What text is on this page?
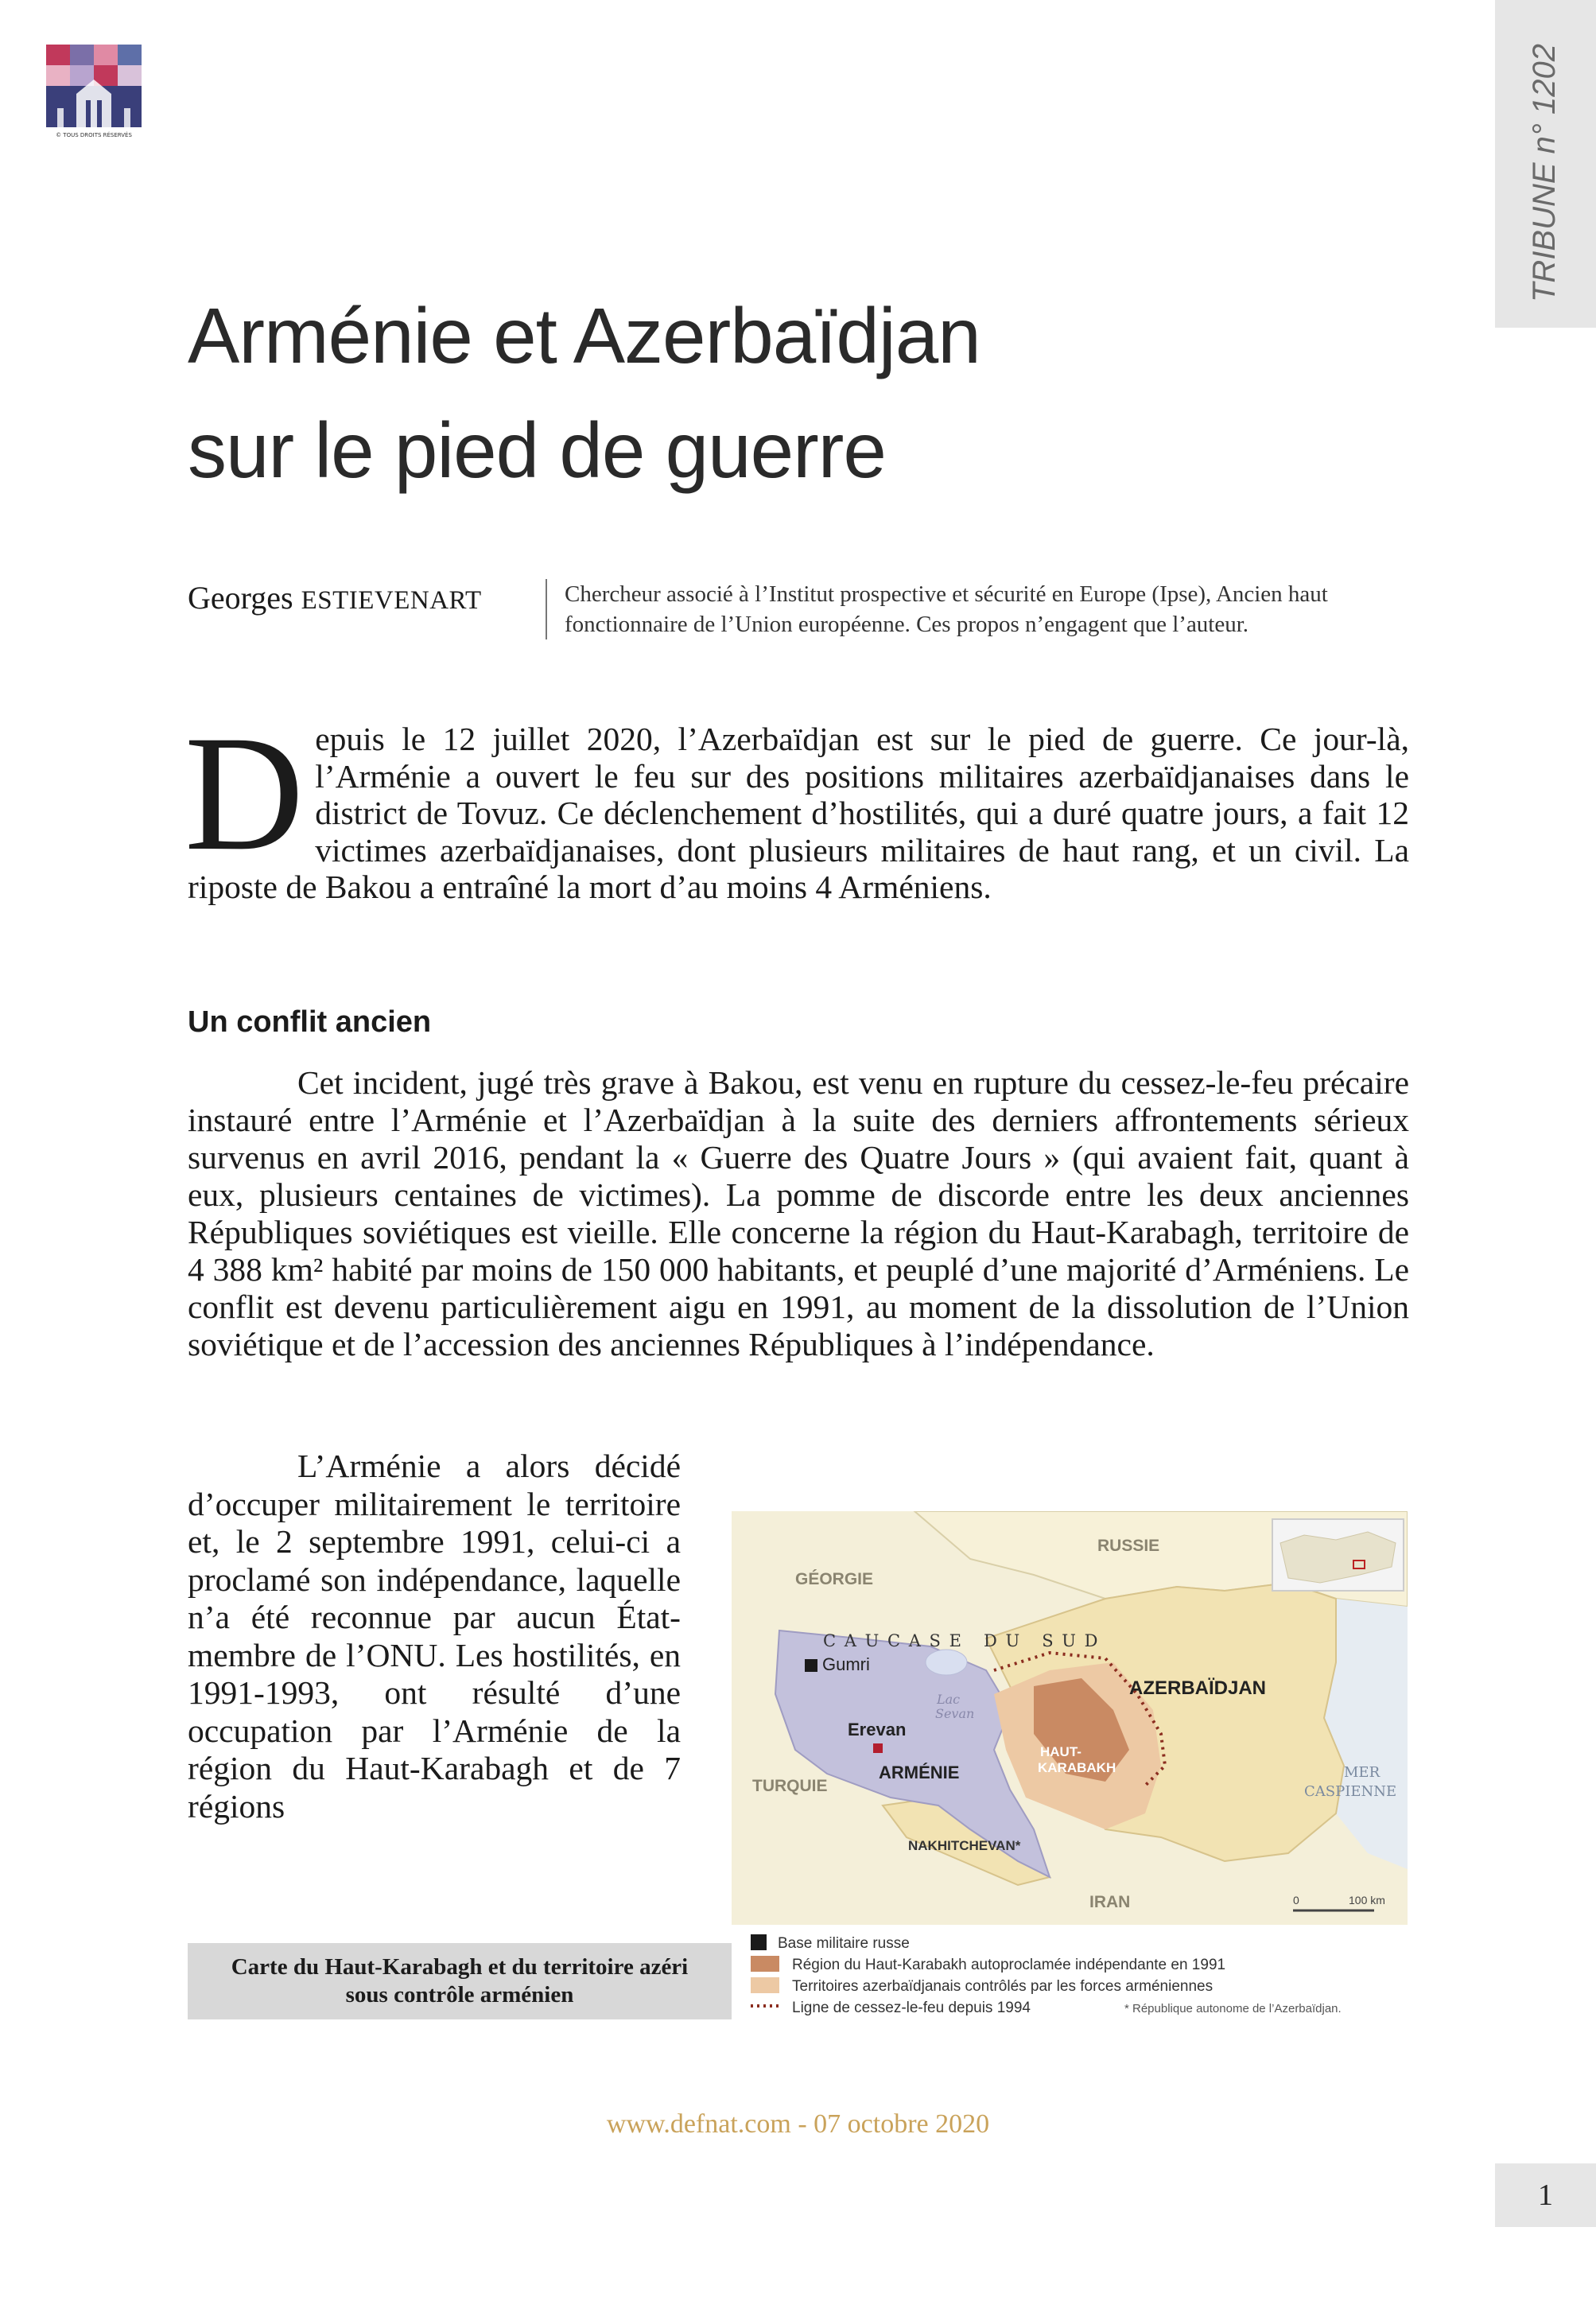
© TOUS DROITS RÉSERVÉS	TRIBUNE n° 1202
Arménie et Azerbaïdjan
sur le pied de guerre
Georges ESTIEVENART	Chercheur associé à l’Institut prospective et sécurité en Europe (Ipse), Ancien haut fonctionnaire de l’Union européenne. Ces propos n’engagent que l’auteur.

Depuis le 12 juillet 2020, l’Azerbaïdjan est sur le pied de guerre. Ce jour-là, l’Arménie a ouvert le feu sur des positions militaires azerbaïdjanaises dans le district de Tovuz. Ce déclenchement d’hostilités, qui a duré quatre jours, a fait 12 victimes azerbaïdjanaises, dont plusieurs militaires de haut rang, et un civil. La riposte de Bakou a entraîné la mort d’au moins 4 Arméniens.

Un conflit ancien

Cet incident, jugé très grave à Bakou, est venu en rupture du cessez-le-feu précaire instauré entre l’Arménie et l’Azerbaïdjan à la suite des derniers affrontements sérieux survenus en avril 2016, pendant la « Guerre des Quatre Jours » (qui avaient fait, quant à eux, plusieurs centaines de victimes). La pomme de discorde entre les deux anciennes Républiques soviétiques est vieille. Elle concerne la région du Haut-Karabagh, territoire de 4 388 km² habité par moins de 150 000 habitants, et peuplé d’une majorité d’Arméniens. Le conflit est devenu particulièrement aigu en 1991, au moment de la dissolution de l’Union soviétique et de l’accession des anciennes Républiques à l’indépendance.

L’Arménie a alors décidé d’occuper militairement le territoire et, le 2 septembre 1991, celui-ci a proclamé son indépendance, laquelle n’a été reconnue par aucun État-membre de l’ONU. Les hostilités, en 1991-1993, ont résulté d’une occupation par l’Arménie de la région du Haut-Karabagh et de 7 régions

RUSSIE
GÉORGIE
C A U C A S E   D U   S U D
AZERBAÏDJAN
Gumri
Lac
Sevan
Erevan
ARMÉNIE
HAUT-
KARABAKH	MER
CASPIENNE
TURQUIE
NAKHITCHEVAN*
IRAN	0	100 km
Base militaire russe
Région du Haut-Karabakh autoproclamée indépendante en 1991
Territoires azerbaïdjanais contrôlés par les forces arméniennes
Ligne de cessez-le-feu depuis 1994	* République autonome de l’Azerbaïdjan.
Carte du Haut-Karabagh et du territoire azéri sous contrôle arménien
www.defnat.com - 07 octobre 2020
1
